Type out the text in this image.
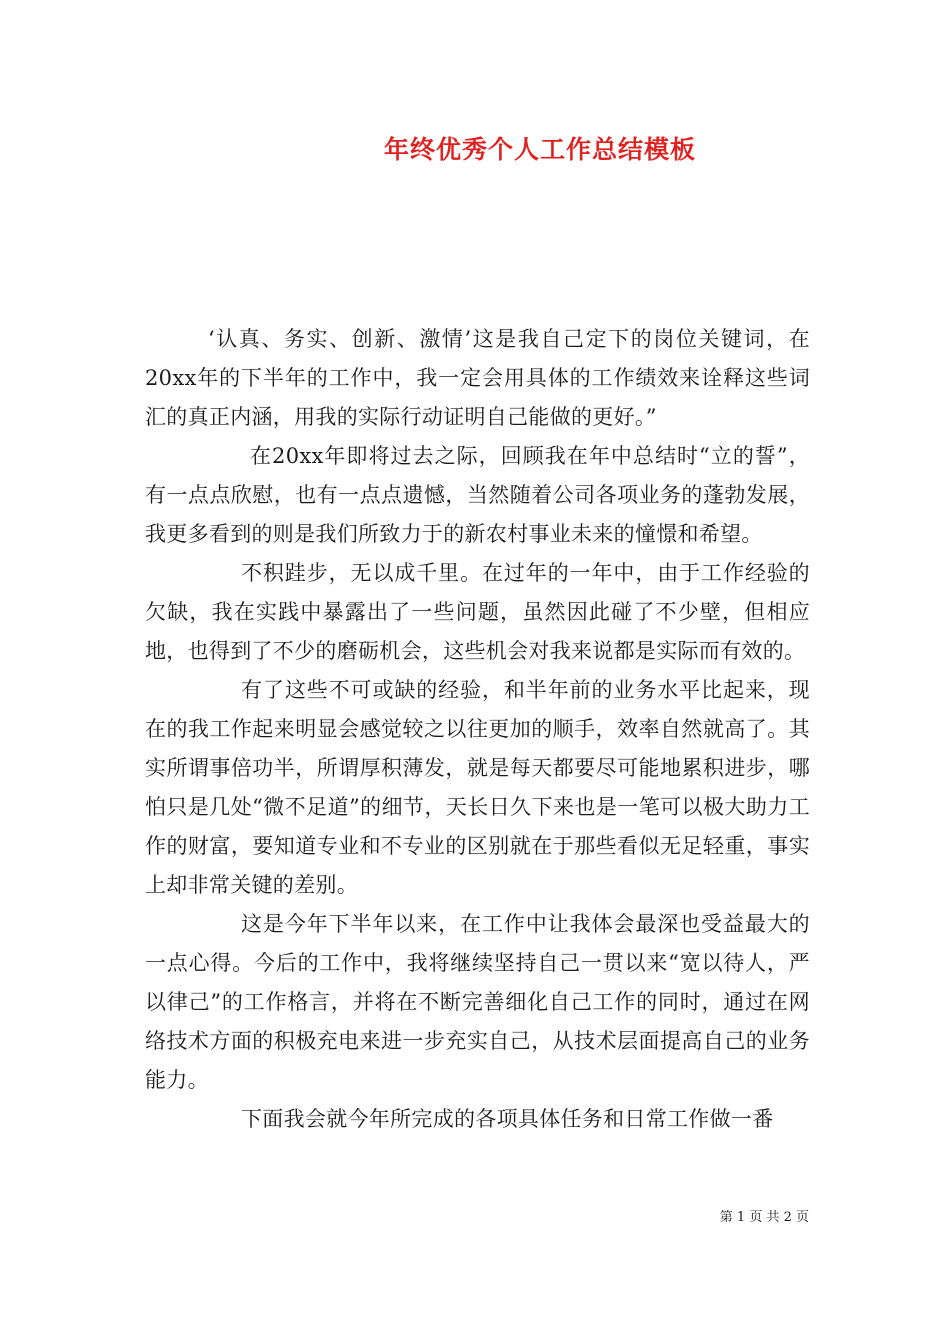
年终优秀个人工作总结模板

‘认真、务实、创新、激情’这是我自己定下的岗位关键词，在20xx年的下半年的工作中，我一定会用具体的工作绩效来诠释这些词汇的真正内涵，用我的实际行动证明自己能做的更好。”

在20xx年即将过去之际，回顾我在年中总结时“立的誓”，有一点点欣慰，也有一点点遗憾，当然随着公司各项业务的蓬勃发展，我更多看到的则是我们所致力于的新农村事业未来的憧憬和希望。

不积跬步，无以成千里。在过年的一年中，由于工作经验的欠缺，我在实践中暴露出了一些问题，虽然因此碰了不少壁，但相应地，也得到了不少的磨砺机会，这些机会对我来说都是实际而有效的。

有了这些不可或缺的经验，和半年前的业务水平比起来，现在的我工作起来明显会感觉较之以往更加的顺手，效率自然就高了。其实所谓事倍功半，所谓厚积薄发，就是每天都要尽可能地累积进步，哪怕只是几处“微不足道”的细节，天长日久下来也是一笔可以极大助力工作的财富，要知道专业和不专业的区别就在于那些看似无足轻重，事实上却非常关键的差别。

这是今年下半年以来，在工作中让我体会最深也受益最大的一点心得。今后的工作中，我将继续坚持自己一贯以来“宽以待人，严以律己”的工作格言，并将在不断完善细化自己工作的同时，通过在网络技术方面的积极充电来进一步充实自己，从技术层面提高自己的业务能力。

下面我会就今年所完成的各项具体任务和日常工作做一番

第 1 页 共 2 页
